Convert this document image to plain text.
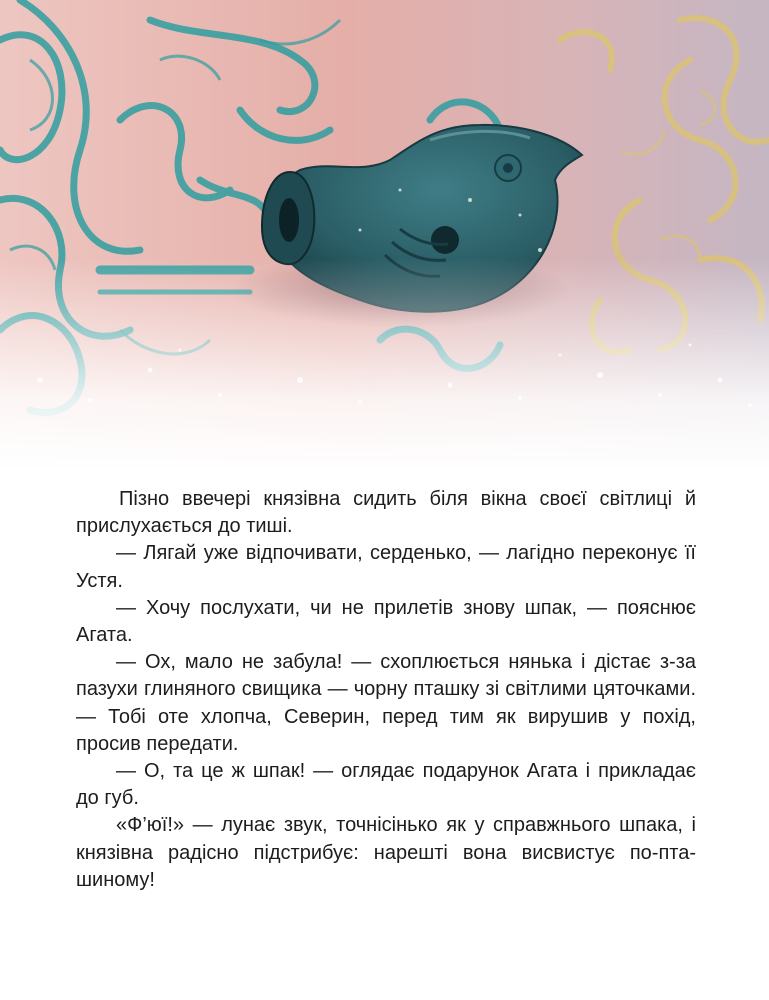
Пізно ввечері князівна сидить біля вікна своєї світлиці й прислухається до тиші.

— Лягай уже відпочивати, серденько, — лагідно переконує її Устя.

— Хочу послухати, чи не прилетів знову шпак, — пояснює Агата.

— Ох, мало не забула! — схоплюється нянька і дістає з-за пазухи глиняного свищика — чорну пташку зі світлими цяточками. — Тобі оте хлопча, Северин, перед тим як вирушив у похід, просив передати.

— О, та це ж шпак! — оглядає подарунок Агата і прикладає до губ.

«Ф’юї!» — лунає звук, точнісінько як у справжнього шпака, і князівна радісно підстрибує: нарешті вона висвистує по-пташиному!
